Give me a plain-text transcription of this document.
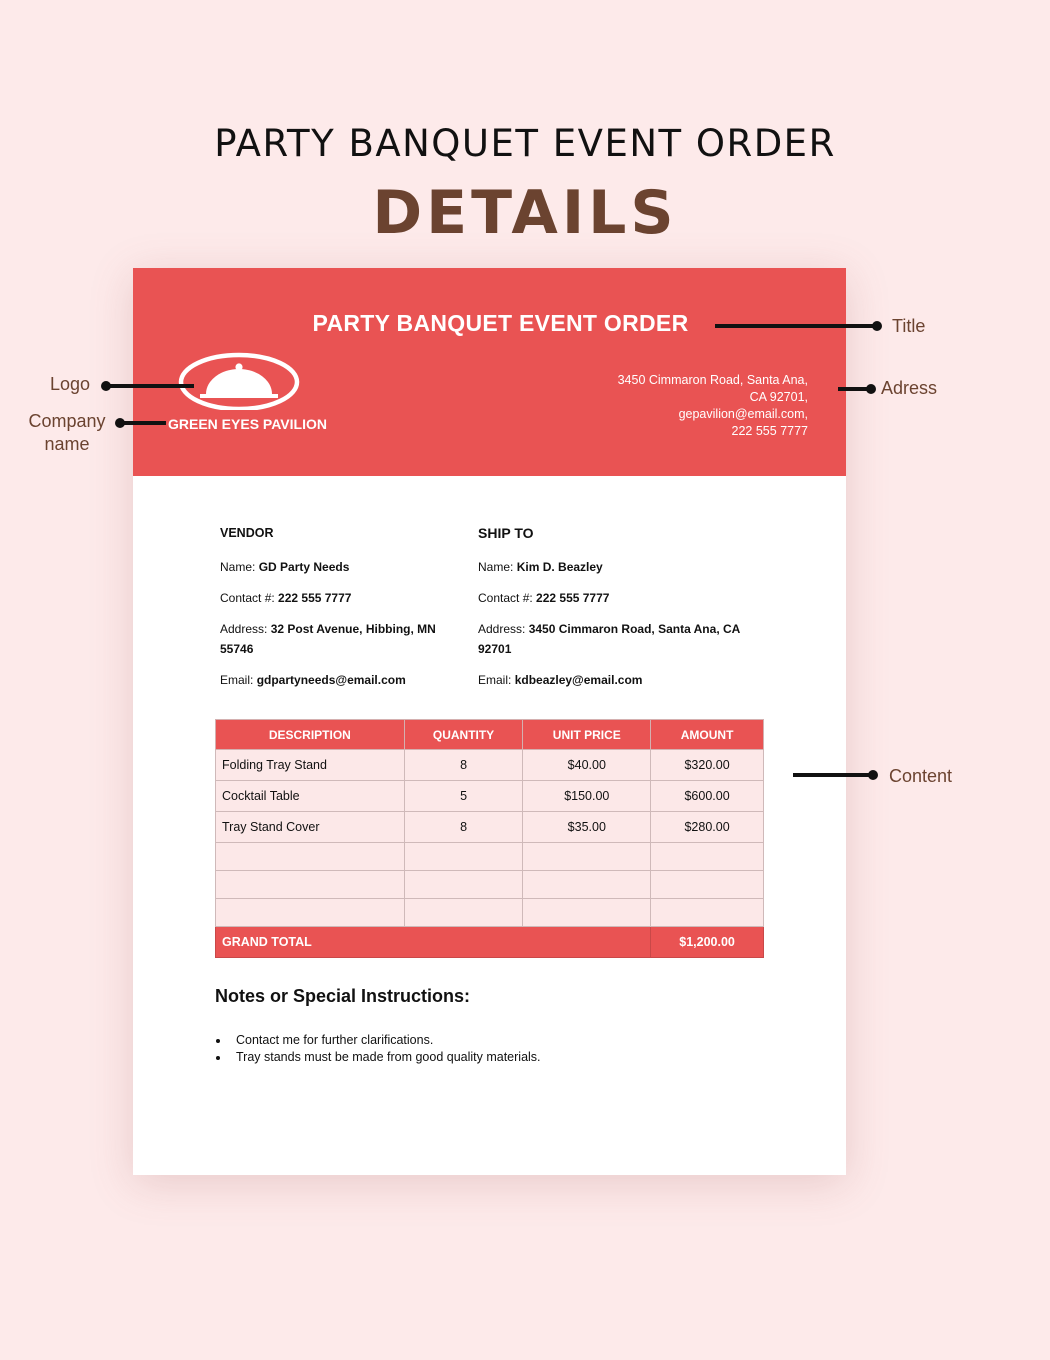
PARTY BANQUET EVENT ORDER
DETAILS
PARTY BANQUET EVENT ORDER
GREEN EYES PAVILION
3450 Cimmaron Road, Santa Ana,
CA 92701,
gepavilion@email.com,
222 555 7777
VENDOR
Name: GD Party Needs
Contact #: 222 555 7777
Address: 32 Post Avenue, Hibbing, MN
55746
Email: gdpartyneeds@email.com
SHIP TO
Name: Kim D. Beazley
Contact #: 222 555 7777
Address: 3450 Cimmaron Road, Santa Ana, CA
92701
Email: kdbeazley@email.com
DESCRIPTION	QUANTITY	UNIT PRICE	AMOUNT
Folding Tray Stand	8	$40.00	$320.00
Cocktail Table	5	$150.00	$600.00
Tray Stand Cover	8	$35.00	$280.00

GRAND TOTAL			$1,200.00
Notes or Special Instructions:
Contact me for further clarifications.
Tray stands must be made from good quality materials.
Title
Logo
Company
name
Adress
Content
